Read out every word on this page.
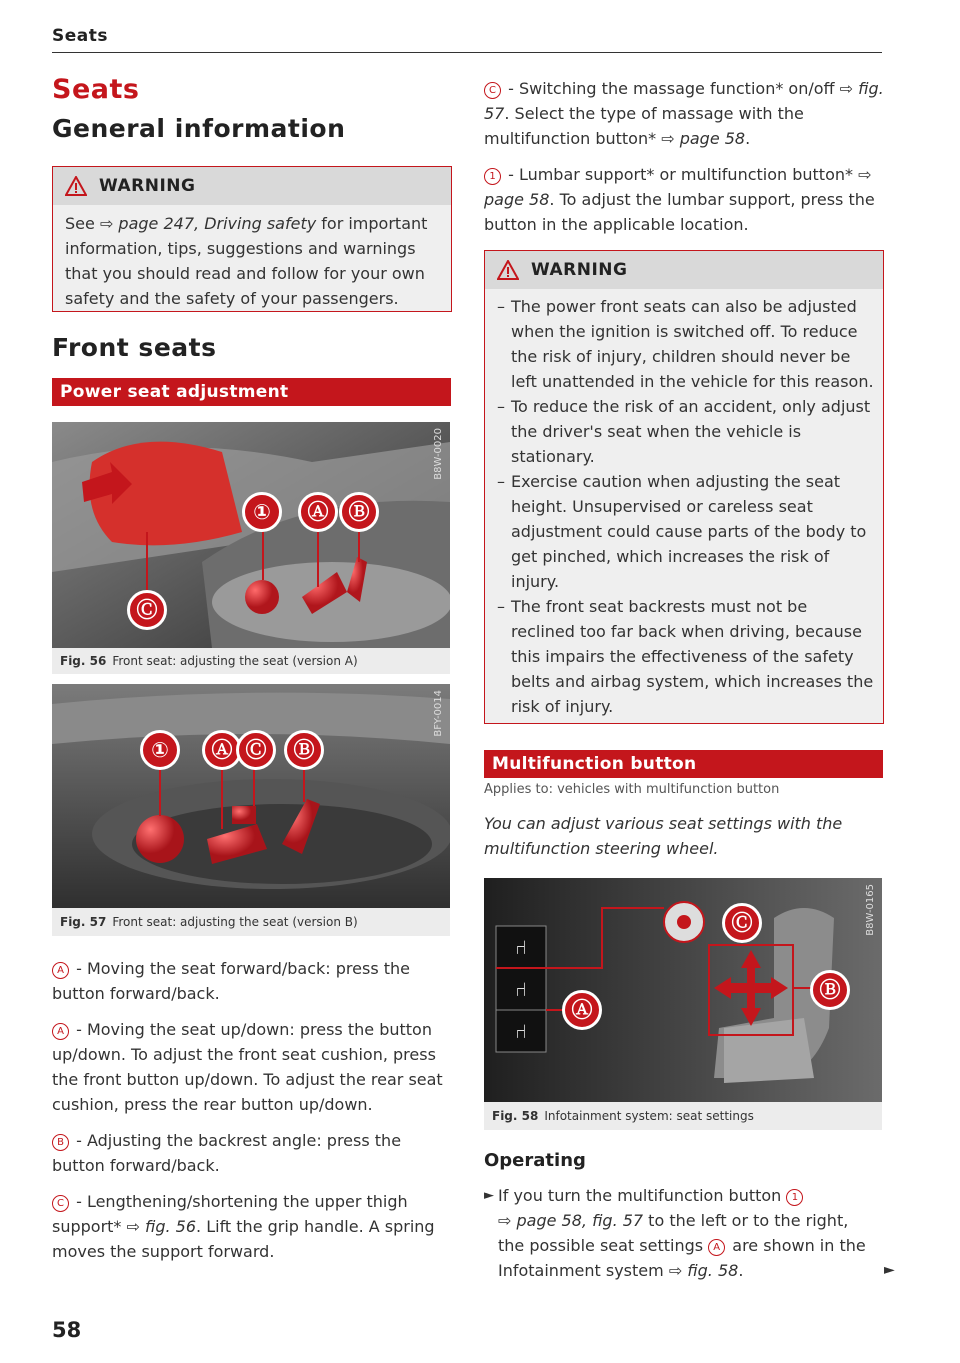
Seats
Seats
General information
WARNING
See ⇨ page 247, Driving safety for important information, tips, suggestions and warnings that you should read and follow for your own safety and the safety of your passengers.
Front seats
Power seat adjustment
①	Ⓐ Ⓑ
Ⓒ
B8W-0020
Fig. 56 Front seat: adjusting the seat (version A)
①	Ⓐ Ⓒ	Ⓑ
BFY-0014
Fig. 57 Front seat: adjusting the seat (version B)
A - Moving the seat forward/back: press the button forward/back.
A - Moving the seat up/down: press the button up/down. To adjust the front seat cushion, press the front button up/down. To adjust the rear seat cushion, press the rear button up/down.
B - Adjusting the backrest angle: press the button forward/back.
C - Lengthening/shortening the upper thigh support* ⇨ fig. 56. Lift the grip handle. A spring moves the support forward.
58
C - Switching the massage function* on/off ⇨ fig. 57. Select the type of massage with the multifunction button* ⇨ page 58.
1 - Lumbar support* or multifunction button* ⇨ page 58. To adjust the lumbar support, press the button in the applicable location.
WARNING
– The power front seats can also be adjusted when the ignition is switched off. To reduce the risk of injury, children should never be left unattended in the vehicle for this reason.
– To reduce the risk of an accident, only adjust the driver's seat when the vehicle is stationary.
– Exercise caution when adjusting the seat height. Unsupervised or careless seat adjustment could cause parts of the body to get pinched, which increases the risk of injury.
– The front seat backrests must not be reclined too far back when driving, because this impairs the effectiveness of the safety belts and airbag system, which increases the risk of injury.
Multifunction button
Applies to: vehicles with multifunction button
You can adjust various seat settings with the multifunction steering wheel.
⑁
⑁
⑁
Ⓒ
Ⓐ
Ⓑ
B8W-0165
Fig. 58 Infotainment system: seat settings
Operating
► If you turn the multifunction button 1
⇨ page 58, fig. 57 to the left or to the right, the possible seat settings A are shown in the Infotainment system ⇨ fig. 58.	►
